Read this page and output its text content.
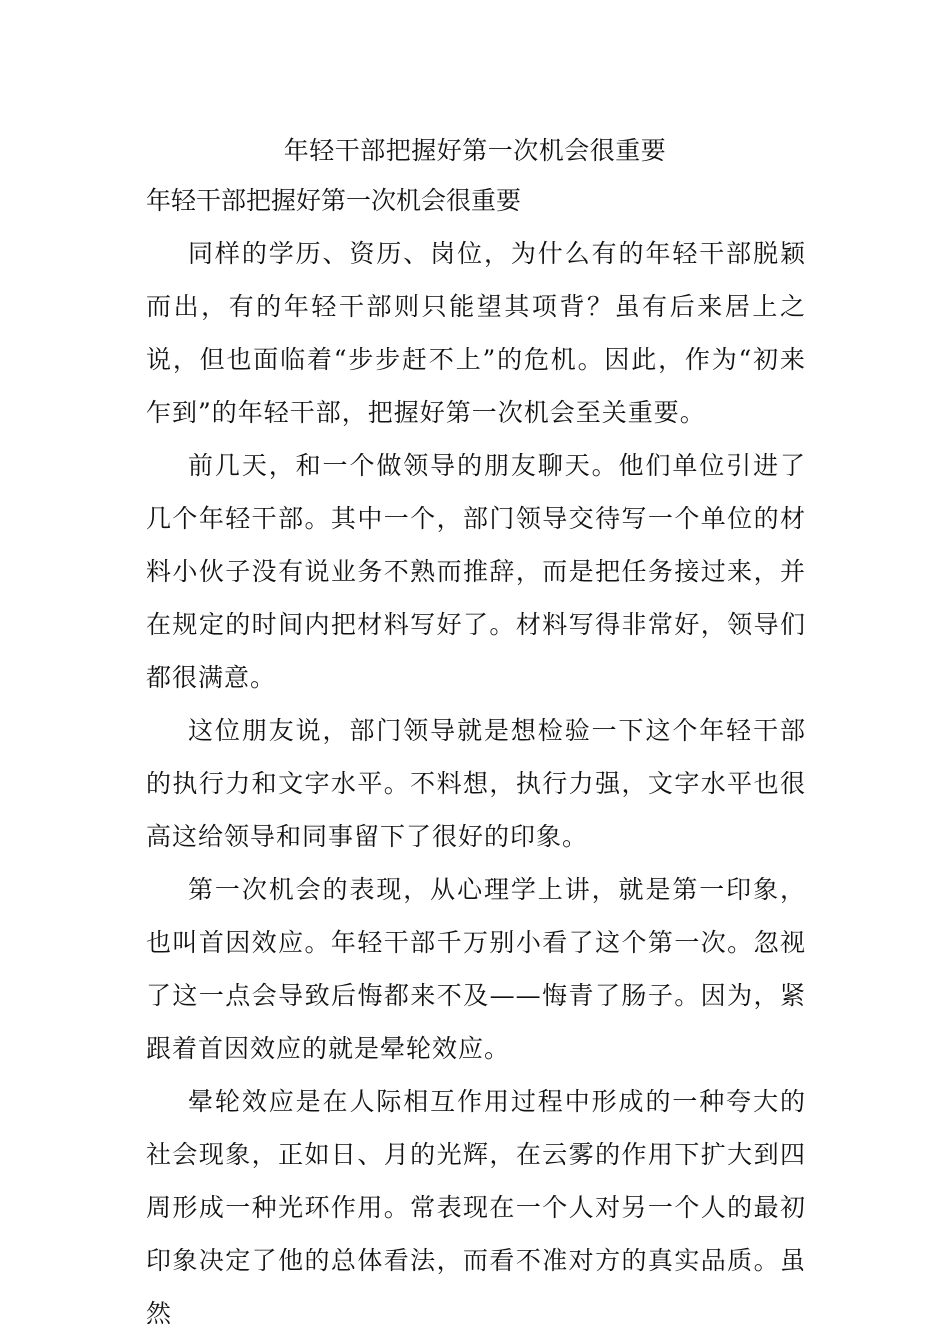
年轻干部把握好第一次机会很重要
年轻干部把握好第一次机会很重要

同样的学历、资历、岗位，为什么有的年轻干部脱颖而出，有的年轻干部则只能望其项背？虽有后来居上之说，但也面临着“步步赶不上”的危机。因此，作为“初来乍到”的年轻干部，把握好第一次机会至关重要。

前几天，和一个做领导的朋友聊天。他们单位引进了几个年轻干部。其中一个，部门领导交待写一个单位的材料小伙子没有说业务不熟而推辞，而是把任务接过来，并在规定的时间内把材料写好了。材料写得非常好，领导们都很满意。

这位朋友说，部门领导就是想检验一下这个年轻干部的执行力和文字水平。不料想，执行力强，文字水平也很高这给领导和同事留下了很好的印象。

第一次机会的表现，从心理学上讲，就是第一印象，也叫首因效应。年轻干部千万别小看了这个第一次。忽视了这一点会导致后悔都来不及——悔青了肠子。因为，紧跟着首因效应的就是晕轮效应。

晕轮效应是在人际相互作用过程中形成的一种夸大的社会现象，正如日、月的光辉，在云雾的作用下扩大到四周形成一种光环作用。常表现在一个人对另一个人的最初印象决定了他的总体看法，而看不准对方的真实品质。虽然
